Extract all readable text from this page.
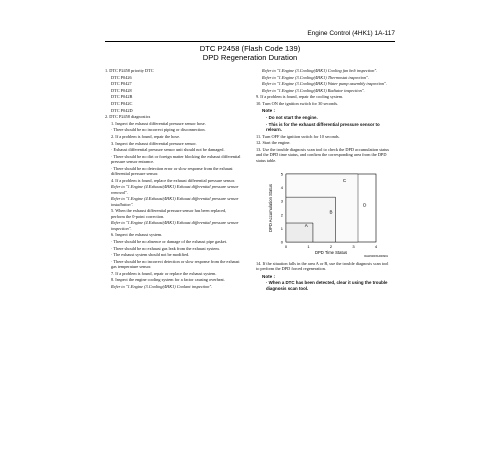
Engine Control (4HK1) 1A-117
DTC P2458 (Flash Code 139)
DPD Regeneration Duration
1. DTC P2458 priority DTC
DTC P0426
DTC P0427
DTC P0428
DTC P042B
DTC P042C
DTC P042D
2. DTC P2458 diagnostics
1. Inspect the exhaust differential pressure sensor hose.
· There should be no incorrect piping or disconnection.
2. If a problem is found, repair the hose.
3. Inspect the exhaust differential pressure sensor.
· Exhaust differential pressure sensor unit should not be damaged.
· There should be no dirt or foreign matter blocking the exhaust differential pressure sensor entrance.
· There should be no detection error or slow response from the exhaust differential pressure sensor.
4. If a problem is found, replace the exhaust differential pressure sensor.
Refer to "1.Engine (4.Exhaust(4HK1) Exhaust differential pressure sensor removal".
Refer to "1.Engine (4.Exhaust(4HK1) Exhaust differential pressure sensor installation".
5. When the exhaust differential pressure sensor has been replaced, perform the 0-point correction.
Refer to "1.Engine (4.Exhaust(4HK1) Exhaust differential pressure sensor inspection".
6. Inspect the exhaust system.
· There should be no absence or damage of the exhaust pipe gasket.
· There should be no exhaust gas leak from the exhaust system.
· The exhaust system should not be modified.
· There should be no incorrect detection or slow response from the exhaust gas temperature sensor.
7. If a problem is found, repair or replace the exhaust system.
8. Inspect the engine cooling system for a factor causing overheat.
Refer to "1.Engine (3.Cooling(4HK1) Coolant inspection".
Refer to "1.Engine (3.Cooling(4HK1) Cooling fan belt inspection".
Refer to "1.Engine (3.Cooling(4HK1) Thermostat inspection".
Refer to "1.Engine (3.Cooling(4HK1) Water pump assembly inspection".
Refer to "1.Engine (3.Cooling(4HK1) Radiator inspection".
9. If a problem is found, repair the cooling system.
10. Turn ON the ignition switch for 30 seconds.
Note :
· Do not start the engine.
· This is for the exhaust differential pressure sensor to relearn.
11. Turn OFF the ignition switch for 10 seconds.
12. Start the engine.
13. Use the trouble diagnosis scan tool to check the DPD accumulation status and the DPD time status, and confirm the corresponding area from the DPD status table.
0
1
2
3
4
5
0	1	2	3	4
A
B
C
D
DPD Time Status
DPD Accumulation Status
RHW43WXH000901
14. If the situation falls in the area A or B, use the trouble diagnosis scan tool to perform the DPD forced regeneration.
Note :
· When a DTC has been detected, clear it using the trouble diagnosis scan tool.
